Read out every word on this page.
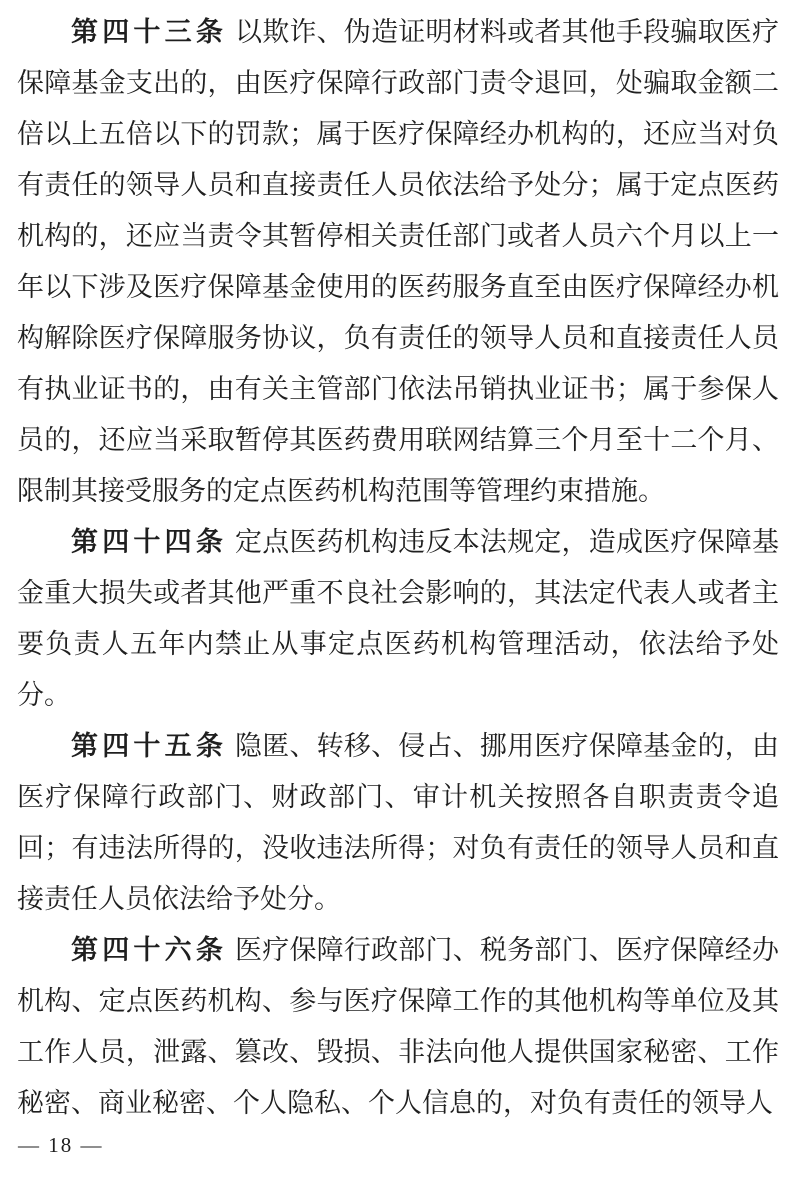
第四十三条 以欺诈、伪造证明材料或者其他手段骗取医疗保障基金支出的，由医疗保障行政部门责令退回，处骗取金额二倍以上五倍以下的罚款；属于医疗保障经办机构的，还应当对负有责任的领导人员和直接责任人员依法给予处分；属于定点医药机构的，还应当责令其暂停相关责任部门或者人员六个月以上一年以下涉及医疗保障基金使用的医药服务直至由医疗保障经办机构解除医疗保障服务协议，负有责任的领导人员和直接责任人员有执业证书的，由有关主管部门依法吊销执业证书；属于参保人员的，还应当采取暂停其医药费用联网结算三个月至十二个月、限制其接受服务的定点医药机构范围等管理约束措施。

第四十四条 定点医药机构违反本法规定，造成医疗保障基金重大损失或者其他严重不良社会影响的，其法定代表人或者主要负责人五年内禁止从事定点医药机构管理活动，依法给予处分。

第四十五条 隐匿、转移、侵占、挪用医疗保障基金的，由医疗保障行政部门、财政部门、审计机关按照各自职责责令追回；有违法所得的，没收违法所得；对负有责任的领导人员和直接责任人员依法给予处分。

第四十六条 医疗保障行政部门、税务部门、医疗保障经办机构、定点医药机构、参与医疗保障工作的其他机构等单位及其工作人员，泄露、篡改、毁损、非法向他人提供国家秘密、工作秘密、商业秘密、个人隐私、个人信息的，对负有责任的领导人

— 18 —
